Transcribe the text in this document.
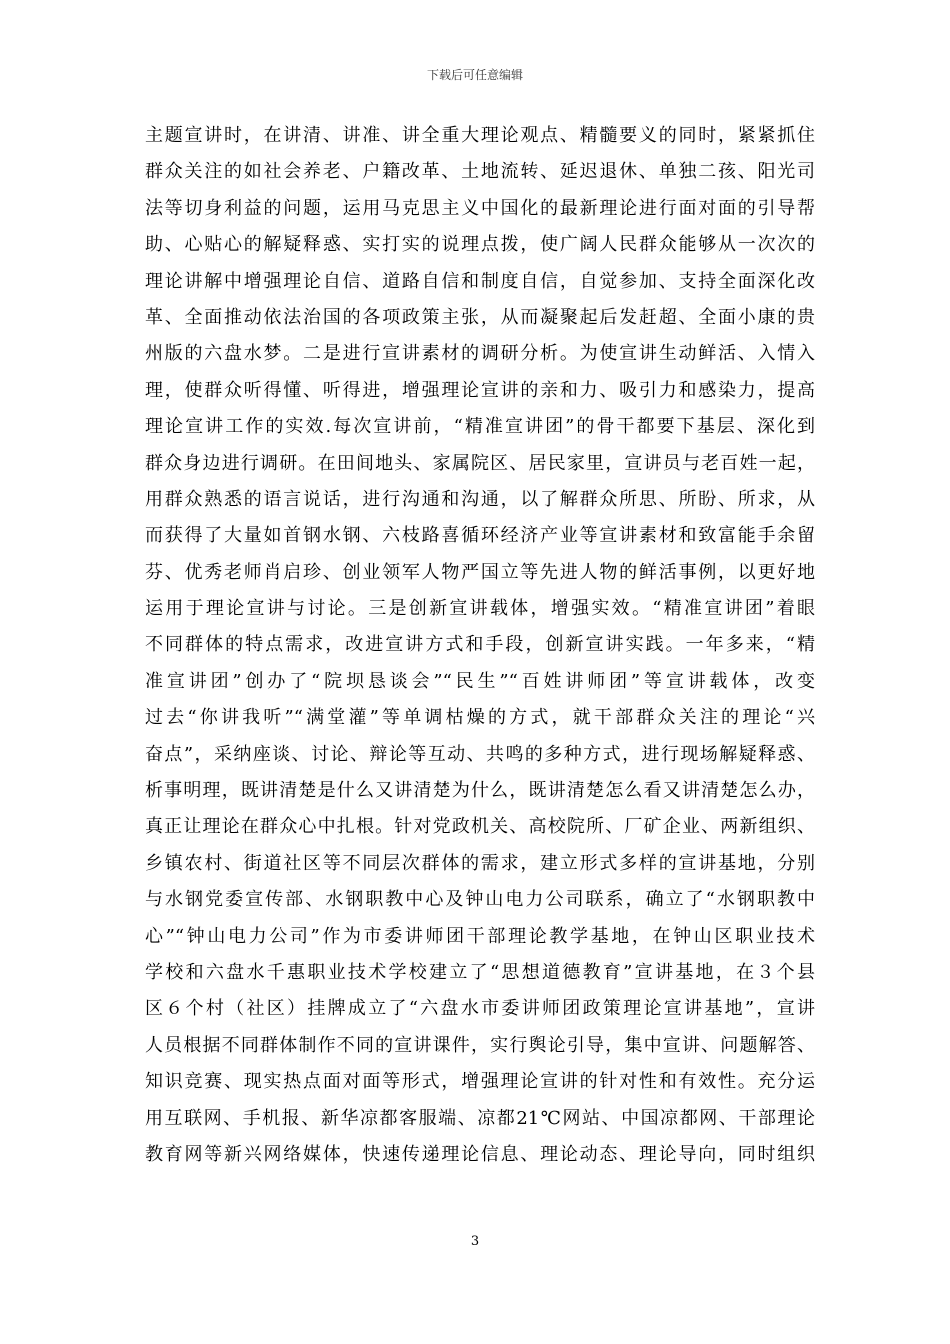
下载后可任意编辑
主题宣讲时，在讲清、讲准、讲全重大理论观点、精髓要义的同时，紧紧抓住
群众关注的如社会养老、户籍改革、土地流转、延迟退休、单独二孩、阳光司
法等切身利益的问题，运用马克思主义中国化的最新理论进行面对面的引导帮
助、心贴心的解疑释惑、实打实的说理点拨，使广阔人民群众能够从一次次的
理论讲解中增强理论自信、道路自信和制度自信，自觉参加、支持全面深化改
革、全面推动依法治国的各项政策主张，从而凝聚起后发赶超、全面小康的贵
州版的六盘水梦。二是进行宣讲素材的调研分析。为使宣讲生动鲜活、入情入
理，使群众听得懂、听得进，增强理论宣讲的亲和力、吸引力和感染力，提高
理论宣讲工作的实效.每次宣讲前，“精准宣讲团”的骨干都要下基层、深化到
群众身边进行调研。在田间地头、家属院区、居民家里，宣讲员与老百姓一起，
用群众熟悉的语言说话，进行沟通和沟通，以了解群众所思、所盼、所求，从
而获得了大量如首钢水钢、六枝路喜循环经济产业等宣讲素材和致富能手余留
芬、优秀老师肖启珍、创业领军人物严国立等先进人物的鲜活事例，以更好地
运用于理论宣讲与讨论。三是创新宣讲载体，增强实效。“精准宣讲团”着眼
不同群体的特点需求，改进宣讲方式和手段，创新宣讲实践。一年多来，“精
准宣讲团”创办了“院坝恳谈会”“民生”“百姓讲师团”等宣讲载体，改变
过去“你讲我听”“满堂灌”等单调枯燥的方式，就干部群众关注的理论“兴
奋点”，采纳座谈、讨论、辩论等互动、共鸣的多种方式，进行现场解疑释惑、
析事明理，既讲清楚是什么又讲清楚为什么，既讲清楚怎么看又讲清楚怎么办，
真正让理论在群众心中扎根。针对党政机关、高校院所、厂矿企业、两新组织、
乡镇农村、街道社区等不同层次群体的需求，建立形式多样的宣讲基地，分别
与水钢党委宣传部、水钢职教中心及钟山电力公司联系，确立了“水钢职教中
心”“钟山电力公司”作为市委讲师团干部理论教学基地，在钟山区职业技术
学校和六盘水千惠职业技术学校建立了“思想道德教育”宣讲基地，在３个县
区６个村（社区）挂牌成立了“六盘水市委讲师团政策理论宣讲基地”，宣讲
人员根据不同群体制作不同的宣讲课件，实行舆论引导，集中宣讲、问题解答、
知识竞赛、现实热点面对面等形式，增强理论宣讲的针对性和有效性。充分运
用互联网、手机报、新华凉都客服端、凉都21℃网站、中国凉都网、干部理论
教育网等新兴网络媒体，快速传递理论信息、理论动态、理论导向，同时组织
3
